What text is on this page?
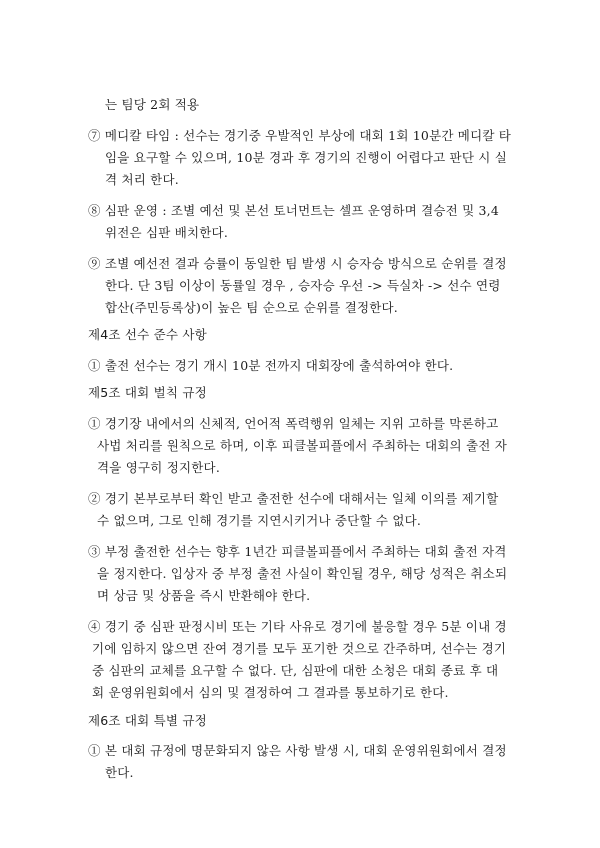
는 팀당 2회 적용
⑦ 메디칼 타임 : 선수는 경기중 우발적인 부상에 대회 1회 10분간 메디칼 타
임을 요구할 수 있으며, 10분 경과 후 경기의 진행이 어렵다고 판단 시 실
격 처리 한다.
⑧ 심판 운영 : 조별 예선 및 본선 토너먼트는 셀프 운영하며 결승전 및 3,4
위전은 심판 배치한다.
⑨ 조별 예선전 결과 승률이 동일한 팀 발생 시 승자승 방식으로 순위를 결정
한다. 단 3팀 이상이 동률일 경우 , 승자승 우선 -> 득실차 -> 선수 연령
합산(주민등록상)이 높은 팀 순으로 순위를 결정한다.
제4조 선수 준수 사항
① 출전 선수는 경기 개시 10분 전까지 대회장에 출석하여야 한다.
제5조 대회 벌칙 규정
① 경기장 내에서의 신체적, 언어적 폭력행위 일체는 지위 고하를 막론하고
사법 처리를 원칙으로 하며, 이후 피클볼피플에서 주최하는 대회의 출전 자
격을 영구히 정지한다.
② 경기 본부로부터 확인 받고 출전한 선수에 대해서는 일체 이의를 제기할
수 없으며, 그로 인해 경기를 지연시키거나 중단할 수 없다.
③ 부정 출전한 선수는 향후 1년간 피클볼피플에서 주최하는 대회 출전 자격
을 정지한다. 입상자 중 부정 출전 사실이 확인될 경우, 해당 성적은 취소되
며 상금 및 상품을 즉시 반환해야 한다.
④ 경기 중 심판 판정시비 또는 기타 사유로 경기에 불응할 경우 5분 이내 경
기에 임하지 않으면 잔여 경기를 모두 포기한 것으로 간주하며, 선수는 경기
중 심판의 교체를 요구할 수 없다. 단, 심판에 대한 소청은 대회 종료 후 대
회 운영위원회에서 심의 및 결정하여 그 결과를 통보하기로 한다.
제6조 대회 특별 규정
① 본 대회 규정에 명문화되지 않은 사항 발생 시, 대회 운영위원회에서 결정
한다.
